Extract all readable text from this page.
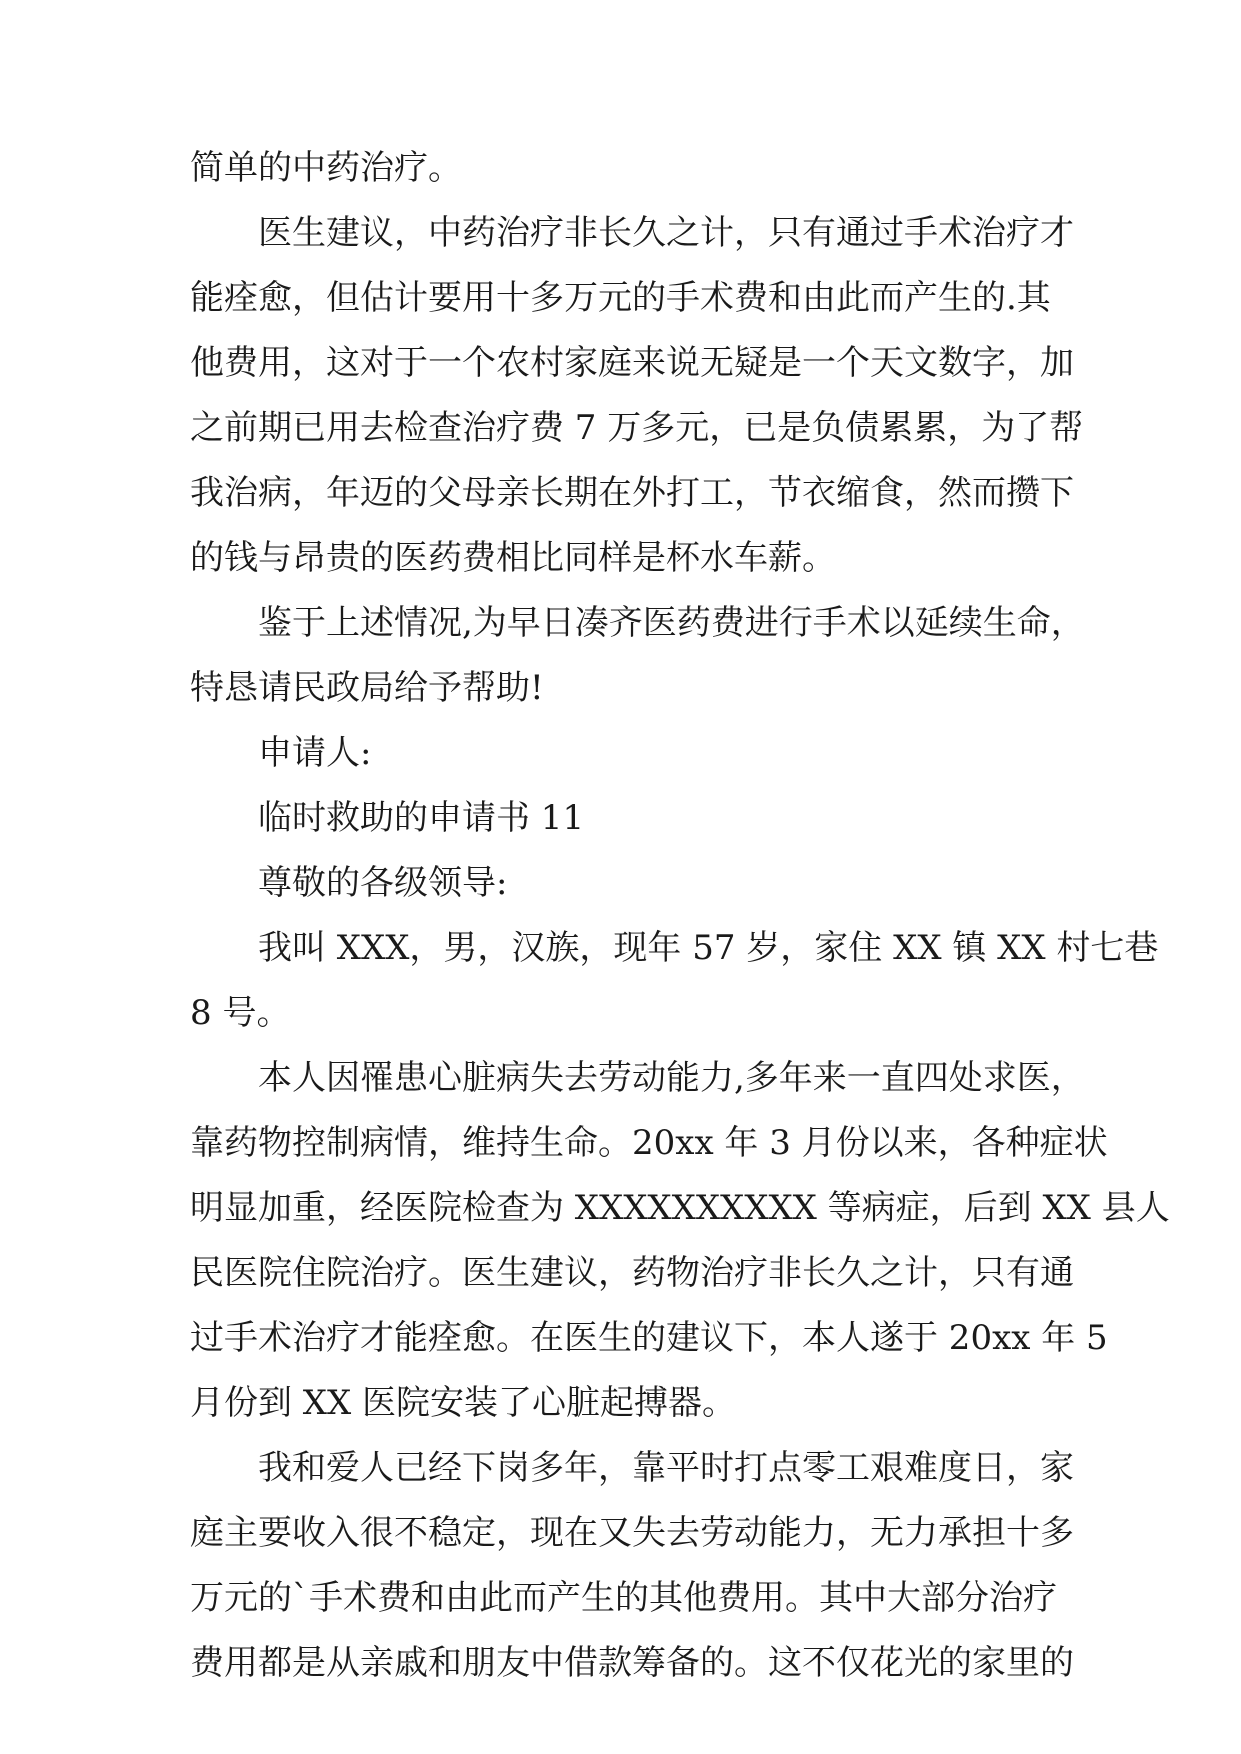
简单的中药治疗。
医生建议，中药治疗非长久之计，只有通过手术治疗才
能痊愈，但估计要用十多万元的手术费和由此而产生的.其
他费用，这对于一个农村家庭来说无疑是一个天文数字，加
之前期已用去检查治疗费 7 万多元，已是负债累累，为了帮
我治病，年迈的父母亲长期在外打工，节衣缩食，然而攒下
的钱与昂贵的医药费相比同样是杯水车薪。
鉴于上述情况,为早日凑齐医药费进行手术以延续生命，
特恳请民政局给予帮助!
申请人:
临时救助的申请书 11
尊敬的各级领导:
我叫 XXX，男，汉族，现年 57 岁，家住 XX 镇 XX 村七巷
8 号。
本人因罹患心脏病失去劳动能力,多年来一直四处求医，
靠药物控制病情，维持生命。20xx 年 3 月份以来，各种症状
明显加重，经医院检查为 XXXXXXXXXX 等病症，后到 XX 县人
民医院住院治疗。医生建议，药物治疗非长久之计，只有通
过手术治疗才能痊愈。在医生的建议下，本人遂于 20xx 年 5
月份到 XX 医院安装了心脏起搏器。
我和爱人已经下岗多年，靠平时打点零工艰难度日，家
庭主要收入很不稳定，现在又失去劳动能力，无力承担十多
万元的`手术费和由此而产生的其他费用。其中大部分治疗
费用都是从亲戚和朋友中借款筹备的。这不仅花光的家里的
